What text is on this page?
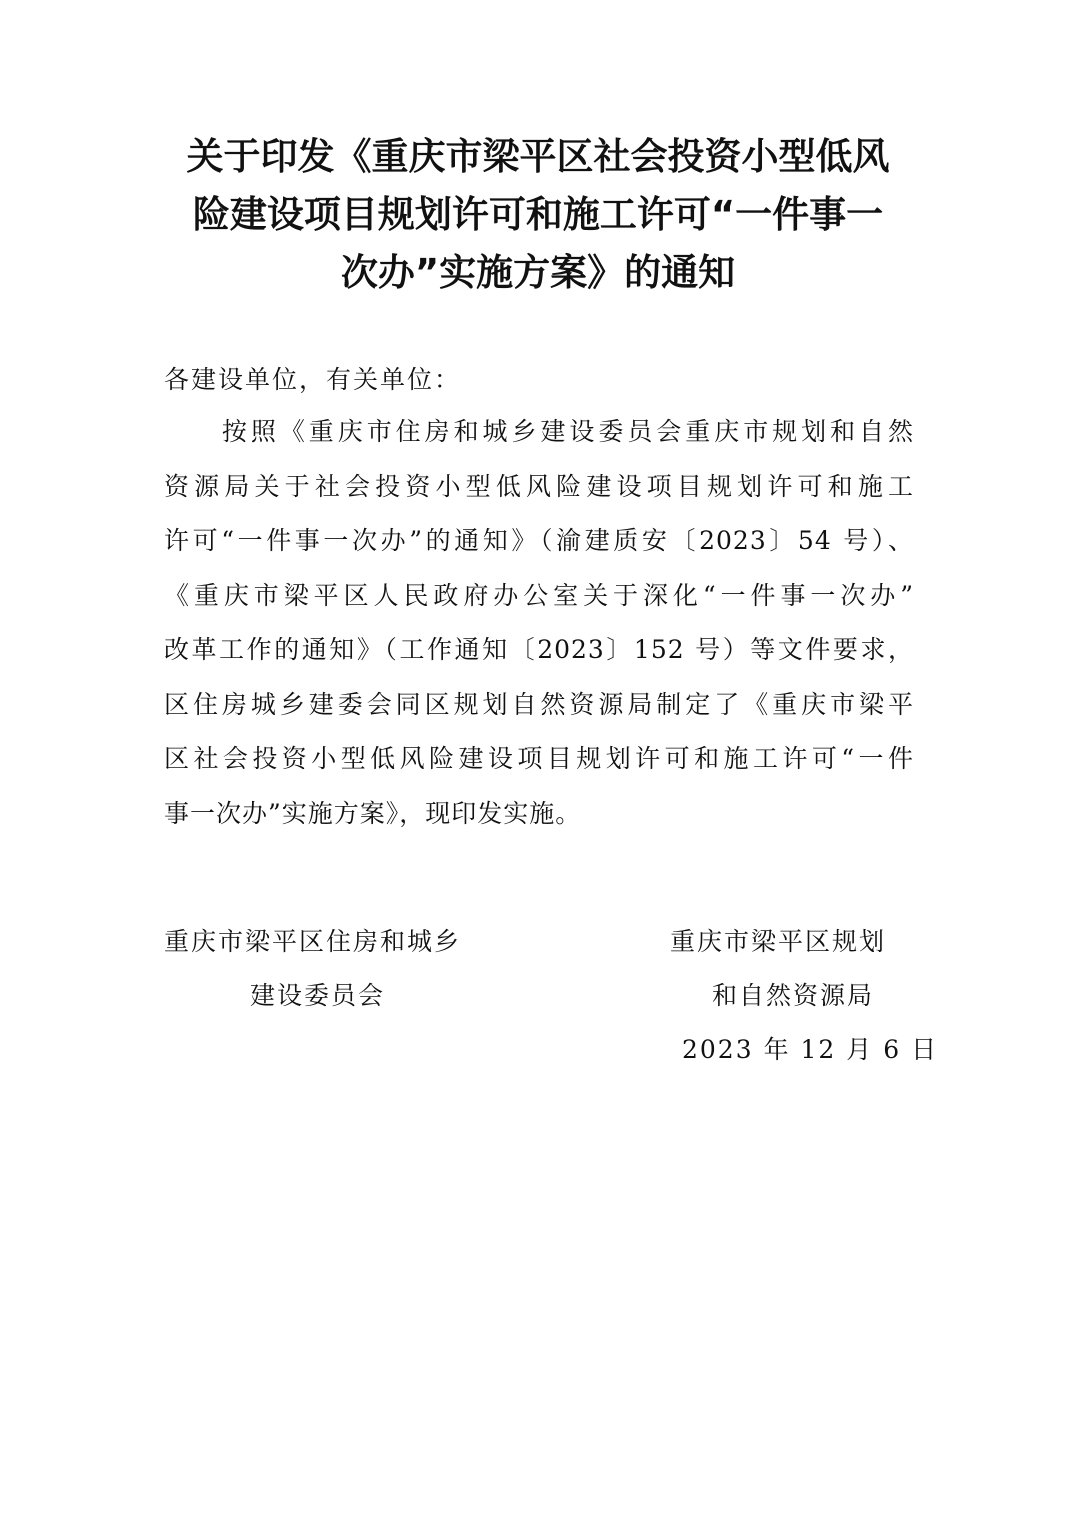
关于印发《重庆市梁平区社会投资小型低风
险建设项目规划许可和施工许可“一件事一
次办”实施方案》的通知

各建设单位，有关单位：

　　按照《重庆市住房和城乡建设委员会重庆市规划和自然
资源局关于社会投资小型低风险建设项目规划许可和施工
许可“一件事一次办”的通知》（渝建质安〔2023〕54 号）、
《重庆市梁平区人民政府办公室关于深化“一件事一次办”
改革工作的通知》（工作通知〔2023〕152 号）等文件要求，
区住房城乡建委会同区规划自然资源局制定了《重庆市梁平
区社会投资小型低风险建设项目规划许可和施工许可“一件
事一次办”实施方案》，现印发实施。

重庆市梁平区住房和城乡

建设委员会

重庆市梁平区规划

和自然资源局

2023 年 12 月 6 日
